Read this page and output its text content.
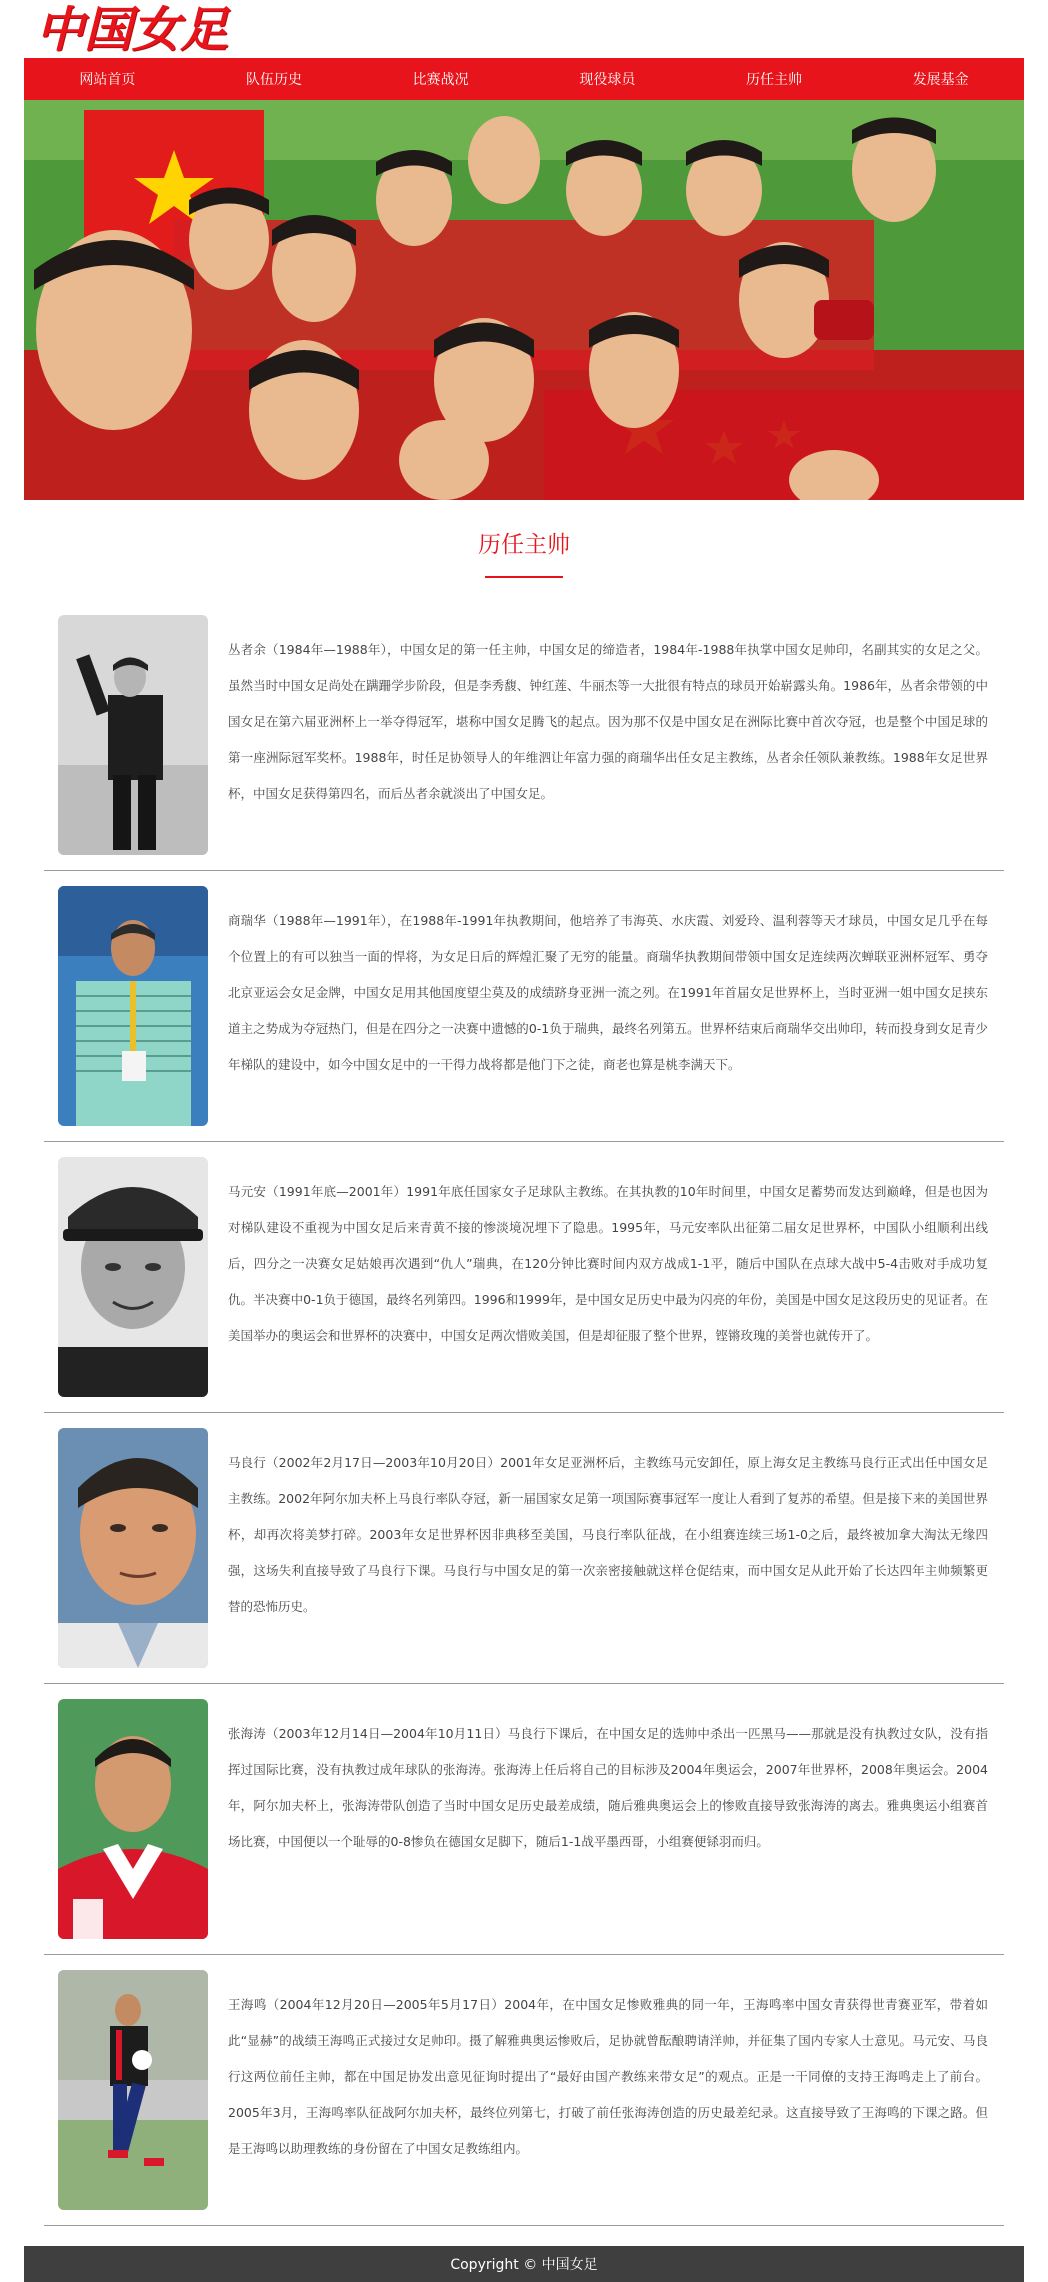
中国女足
网站首页	队伍历史	比赛战况	现役球员	历任主帅	发展基金
历任主帅
丛者余（1984年—1988年），中国女足的第一任主帅，中国女足的缔造者，1984年-1988年执掌中国女足帅印，名副其实的女足之父。虽然当时中国女足尚处在蹒跚学步阶段，但是李秀馥、钟红莲、牛丽杰等一大批很有特点的球员开始崭露头角。1986年，丛者余带领的中国女足在第六届亚洲杯上一举夺得冠军，堪称中国女足腾飞的起点。因为那不仅是中国女足在洲际比赛中首次夺冠，也是整个中国足球的第一座洲际冠军奖杯。1988年，时任足协领导人的年维泗让年富力强的商瑞华出任女足主教练，丛者余任领队兼教练。1988年女足世界杯，中国女足获得第四名，而后丛者余就淡出了中国女足。
商瑞华（1988年—1991年），在1988年-1991年执教期间，他培养了韦海英、水庆霞、刘爱玲、温利蓉等天才球员，中国女足几乎在每个位置上的有可以独当一面的悍将，为女足日后的辉煌汇聚了无穷的能量。商瑞华执教期间带领中国女足连续两次蝉联亚洲杯冠军、勇夺北京亚运会女足金牌，中国女足用其他国度望尘莫及的成绩跻身亚洲一流之列。在1991年首届女足世界杯上，当时亚洲一姐中国女足挟东道主之势成为夺冠热门，但是在四分之一决赛中遗憾的0-1负于瑞典，最终名列第五。世界杯结束后商瑞华交出帅印，转而投身到女足青少年梯队的建设中，如今中国女足中的一干得力战将都是他门下之徒，商老也算是桃李满天下。
马元安（1991年底—2001年）1991年底任国家女子足球队主教练。在其执教的10年时间里，中国女足蓄势而发达到巅峰，但是也因为对梯队建设不重视为中国女足后来青黄不接的惨淡境况埋下了隐患。1995年，马元安率队出征第二届女足世界杯，中国队小组顺利出线后，四分之一决赛女足姑娘再次遇到“仇人”瑞典，在120分钟比赛时间内双方战成1-1平，随后中国队在点球大战中5-4击败对手成功复仇。半决赛中0-1负于德国，最终名列第四。1996和1999年，是中国女足历史中最为闪亮的年份，美国是中国女足这段历史的见证者。在美国举办的奥运会和世界杯的决赛中，中国女足两次惜败美国，但是却征服了整个世界，铿锵玫瑰的美誉也就传开了。
马良行（2002年2月17日—2003年10月20日）2001年女足亚洲杯后，主教练马元安卸任，原上海女足主教练马良行正式出任中国女足主教练。2002年阿尔加夫杯上马良行率队夺冠，新一届国家女足第一项国际赛事冠军一度让人看到了复苏的希望。但是接下来的美国世界杯，却再次将美梦打碎。2003年女足世界杯因非典移至美国，马良行率队征战，在小组赛连续三场1-0之后，最终被加拿大淘汰无缘四强，这场失利直接导致了马良行下课。马良行与中国女足的第一次亲密接触就这样仓促结束，而中国女足从此开始了长达四年主帅频繁更替的恐怖历史。
张海涛（2003年12月14日—2004年10月11日）马良行下课后，在中国女足的选帅中杀出一匹黑马——那就是没有执教过女队，没有指挥过国际比赛，没有执教过成年球队的张海涛。张海涛上任后将自己的目标涉及2004年奥运会，2007年世界杯，2008年奥运会。2004年，阿尔加夫杯上，张海涛带队创造了当时中国女足历史最差成绩，随后雅典奥运会上的惨败直接导致张海涛的离去。雅典奥运小组赛首场比赛，中国便以一个耻辱的0-8惨负在德国女足脚下，随后1-1战平墨西哥，小组赛便铩羽而归。
王海鸣（2004年12月20日—2005年5月17日）2004年，在中国女足惨败雅典的同一年，王海鸣率中国女青获得世青赛亚军，带着如此“显赫”的战绩王海鸣正式接过女足帅印。摄了解雅典奥运惨败后，足协就曾酝酿聘请洋帅，并征集了国内专家人士意见。马元安、马良行这两位前任主帅，都在中国足协发出意见征询时提出了“最好由国产教练来带女足”的观点。正是一干同僚的支持王海鸣走上了前台。 2005年3月，王海鸣率队征战阿尔加夫杯，最终位列第七，打破了前任张海涛创造的历史最差纪录。这直接导致了王海鸣的下课之路。但是王海鸣以助理教练的身份留在了中国女足教练组内。
Copyright © 中国女足
